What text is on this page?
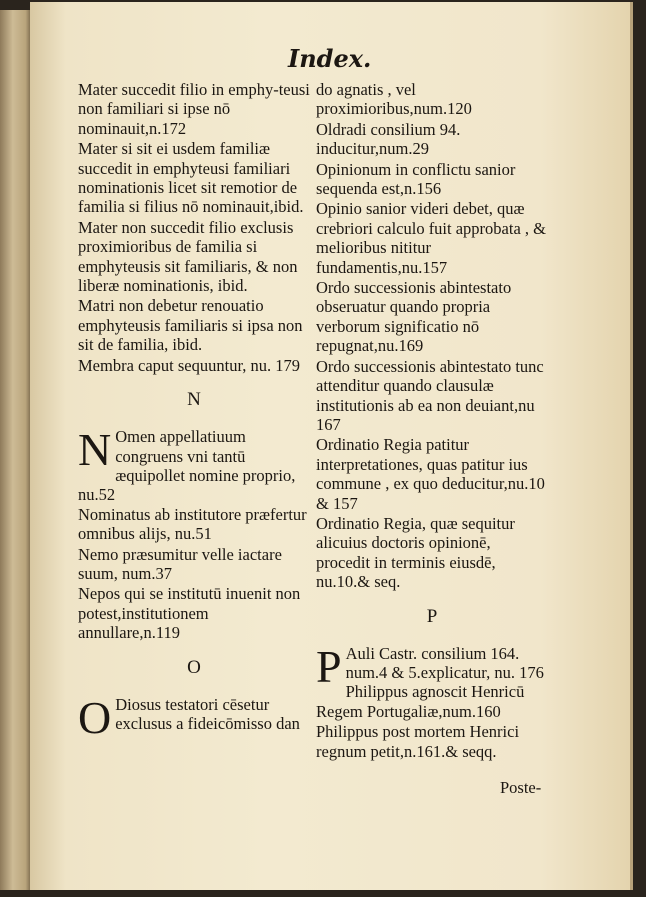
Index.

Mater succedit filio in emphy-teusi non familiari si ipse nō nominauit,n.172

Mater si sit ei usdem familiæ succedit in emphyteusi familiari nominationis licet sit remotior de familia si filius nō nominauit,ibid.

Mater non succedit filio exclusis proximioribus de familia si emphyteusis sit familiaris, & non liberæ nominationis, ibid.

Matri non debetur renouatio emphyteusis familiaris si ipsa non sit de familia, ibid.

Membra caput sequuntur, nu. 179

N

N Omen appellatiuum congruens vni tantū æquipollet nomine proprio, nu.52

Nominatus ab institutore præfertur omnibus alijs, nu.51

Nemo præsumitur velle iactare suum, num.37

Nepos qui se institutū inuenit non potest,institutionem annullare,n.119

O

O Diosus testatori cēsetur exclusus a fideicōmisso dan

do agnatis , vel proximioribus,num.120

Oldradi consilium 94. inducitur,num.29

Opinionum in conflictu sanior sequenda est,n.156

Opinio sanior videri debet, quæ crebriori calculo fuit approbata , & melioribus nititur fundamentis,nu.157

Ordo successionis abintestato obseruatur quando propria verborum significatio nō repugnat,nu.169

Ordo successionis abintestato tunc attenditur quando clausulæ institutionis ab ea non deuiant,nu 167

Ordinatio Regia patitur interpretationes, quas patitur ius commune , ex quo deducitur,nu.10 & 157

Ordinatio Regia, quæ sequitur alicuius doctoris opinionē, procedit in terminis eiusdē, nu.10.& seq.

P

P Auli Castr. consilium 164. num.4 & 5.explicatur, nu. 176

Philippus agnoscit Henricū Regem Portugaliæ,num.160

Philippus post mortem Henrici regnum petit,n.161.& seqq.

Poste-
